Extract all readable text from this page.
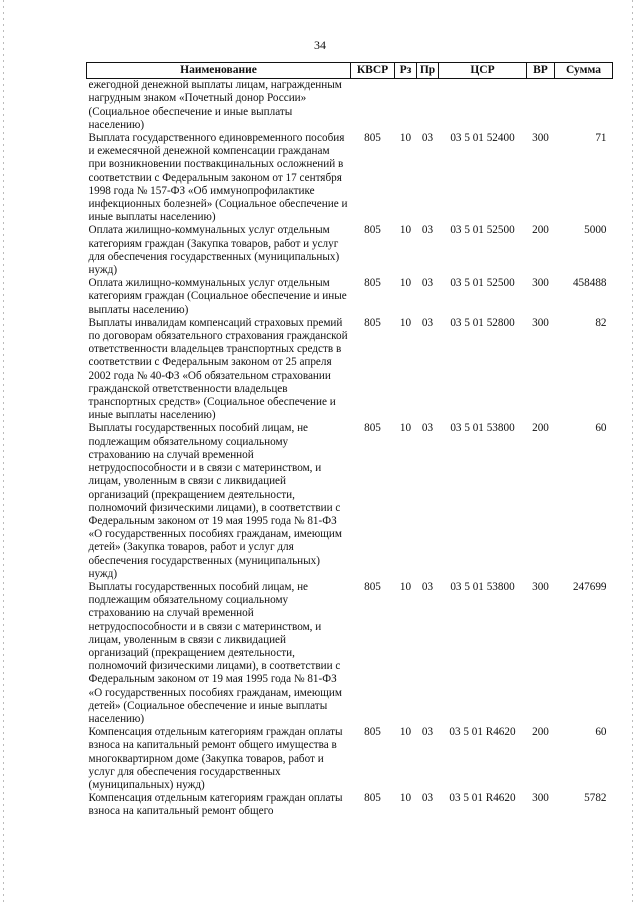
34
Наименование	КВСР	Рз	Пр	ЦСР	ВР	Сумма
ежегодной денежной выплаты лицам, награжденным нагрудным знаком «Почетный донор России» (Социальное обеспечение и иные выплаты населению)						
Выплата государственного единовременного пособия и ежемесячной денежной компенсации гражданам при возникновении поствакцинальных осложнений в соответствии с Федеральным законом от 17 сентября 1998 года № 157-ФЗ «Об иммунопрофилактике инфекционных болезней» (Социальное обеспечение и иные выплаты населению)	805	10	03	03 5 01 52400	300	71
Оплата жилищно-коммунальных услуг отдельным категориям граждан (Закупка товаров, работ и услуг для обеспечения государственных (муниципальных) нужд)	805	10	03	03 5 01 52500	200	5000
Оплата жилищно-коммунальных услуг отдельным категориям граждан (Социальное обеспечение и иные выплаты населению)	805	10	03	03 5 01 52500	300	458488
Выплаты инвалидам компенсаций страховых премий по договорам обязательного страхования гражданской ответственности владельцев транспортных средств в соответствии с Федеральным законом от 25 апреля 2002 года № 40-ФЗ «Об обязательном страховании гражданской ответственности владельцев транспортных средств» (Социальное обеспечение и иные выплаты населению)	805	10	03	03 5 01 52800	300	82
Выплаты государственных пособий лицам, не подлежащим обязательному социальному страхованию на случай временной нетрудоспособности и в связи с материнством, и лицам, уволенным в связи с ликвидацией организаций (прекращением деятельности, полномочий физическими лицами), в соответствии с Федеральным законом от 19 мая 1995 года № 81-ФЗ «О государственных пособиях гражданам, имеющим детей» (Закупка товаров, работ и услуг для обеспечения государственных (муниципальных) нужд)	805	10	03	03 5 01 53800	200	60
Выплаты государственных пособий лицам, не подлежащим обязательному социальному страхованию на случай временной нетрудоспособности и в связи с материнством, и лицам, уволенным в связи с ликвидацией организаций (прекращением деятельности, полномочий физическими лицами), в соответствии с Федеральным законом от 19 мая 1995 года № 81-ФЗ «О государственных пособиях гражданам, имеющим детей» (Социальное обеспечение и иные выплаты населению)	805	10	03	03 5 01 53800	300	247699
Компенсация отдельным категориям граждан оплаты взноса на капитальный ремонт общего имущества в многоквартирном доме (Закупка товаров, работ и услуг для обеспечения государственных (муниципальных) нужд)	805	10	03	03 5 01 R4620	200	60
Компенсация отдельным категориям граждан оплаты взноса на капитальный ремонт общего	805	10	03	03 5 01 R4620	300	5782
